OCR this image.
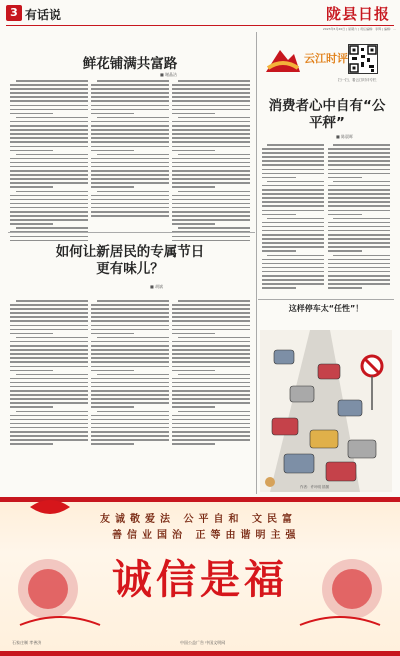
3 有话说	陇县日报
2023年5月20日 | 星期六 | 责任编辑：李辉 | 编辑：…
鲜花铺满共富路
■ 谢晶洁
如何让新居民的专属节日更有味儿？
■ 胡斌
云江时评
扫一扫，看云江时评专栏
消费者心中自有“公平秤”
■ 陈晨晖
这样停车太“任性”！
作者：许叶明 插图
友诚敬爱法 公平自和 文民富
善信业国治 正等由谐明主强
诚信是福
石家庄制 孝善济	中国公益广告 中国文明网
